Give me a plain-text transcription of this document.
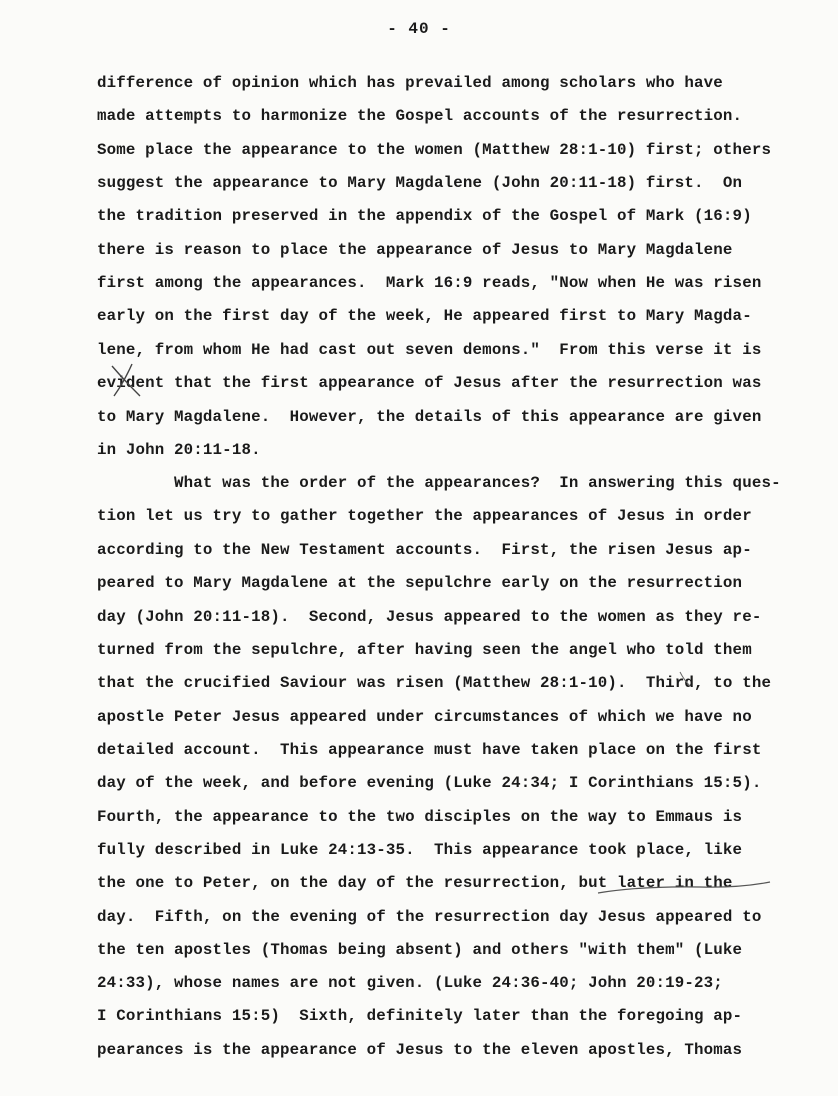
- 40 -
difference of opinion which has prevailed among scholars who have
made attempts to harmonize the Gospel accounts of the resurrection.
Some place the appearance to the women (Matthew 28:1-10) first; others
suggest the appearance to Mary Magdalene (John 20:11-18) first.  On
the tradition preserved in the appendix of the Gospel of Mark (16:9)
there is reason to place the appearance of Jesus to Mary Magdalene
first among the appearances.  Mark 16:9 reads, "Now when He was risen
early on the first day of the week, He appeared first to Mary Magda-
lene, from whom He had cast out seven demons."  From this verse it is
evident that the first appearance of Jesus after the resurrection was
to Mary Magdalene.  However, the details of this appearance are given
in John 20:11-18.
What was the order of the appearances?  In answering this ques-
tion let us try to gather together the appearances of Jesus in order
according to the New Testament accounts.  First, the risen Jesus ap-
peared to Mary Magdalene at the sepulchre early on the resurrection
day (John 20:11-18).  Second, Jesus appeared to the women as they re-
turned from the sepulchre, after having seen the angel who told them
that the crucified Saviour was risen (Matthew 28:1-10).  Third, to the
apostle Peter Jesus appeared under circumstances of which we have no
detailed account.  This appearance must have taken place on the first
day of the week, and before evening (Luke 24:34; I Corinthians 15:5).
Fourth, the appearance to the two disciples on the way to Emmaus is
fully described in Luke 24:13-35.  This appearance took place, like
the one to Peter, on the day of the resurrection, but later in the
day.  Fifth, on the evening of the resurrection day Jesus appeared to
the ten apostles (Thomas being absent) and others "with them" (Luke
24:33), whose names are not given. (Luke 24:36-40; John 20:19-23;
I Corinthians 15:5)  Sixth, definitely later than the foregoing ap-
pearances is the appearance of Jesus to the eleven apostles, Thomas
